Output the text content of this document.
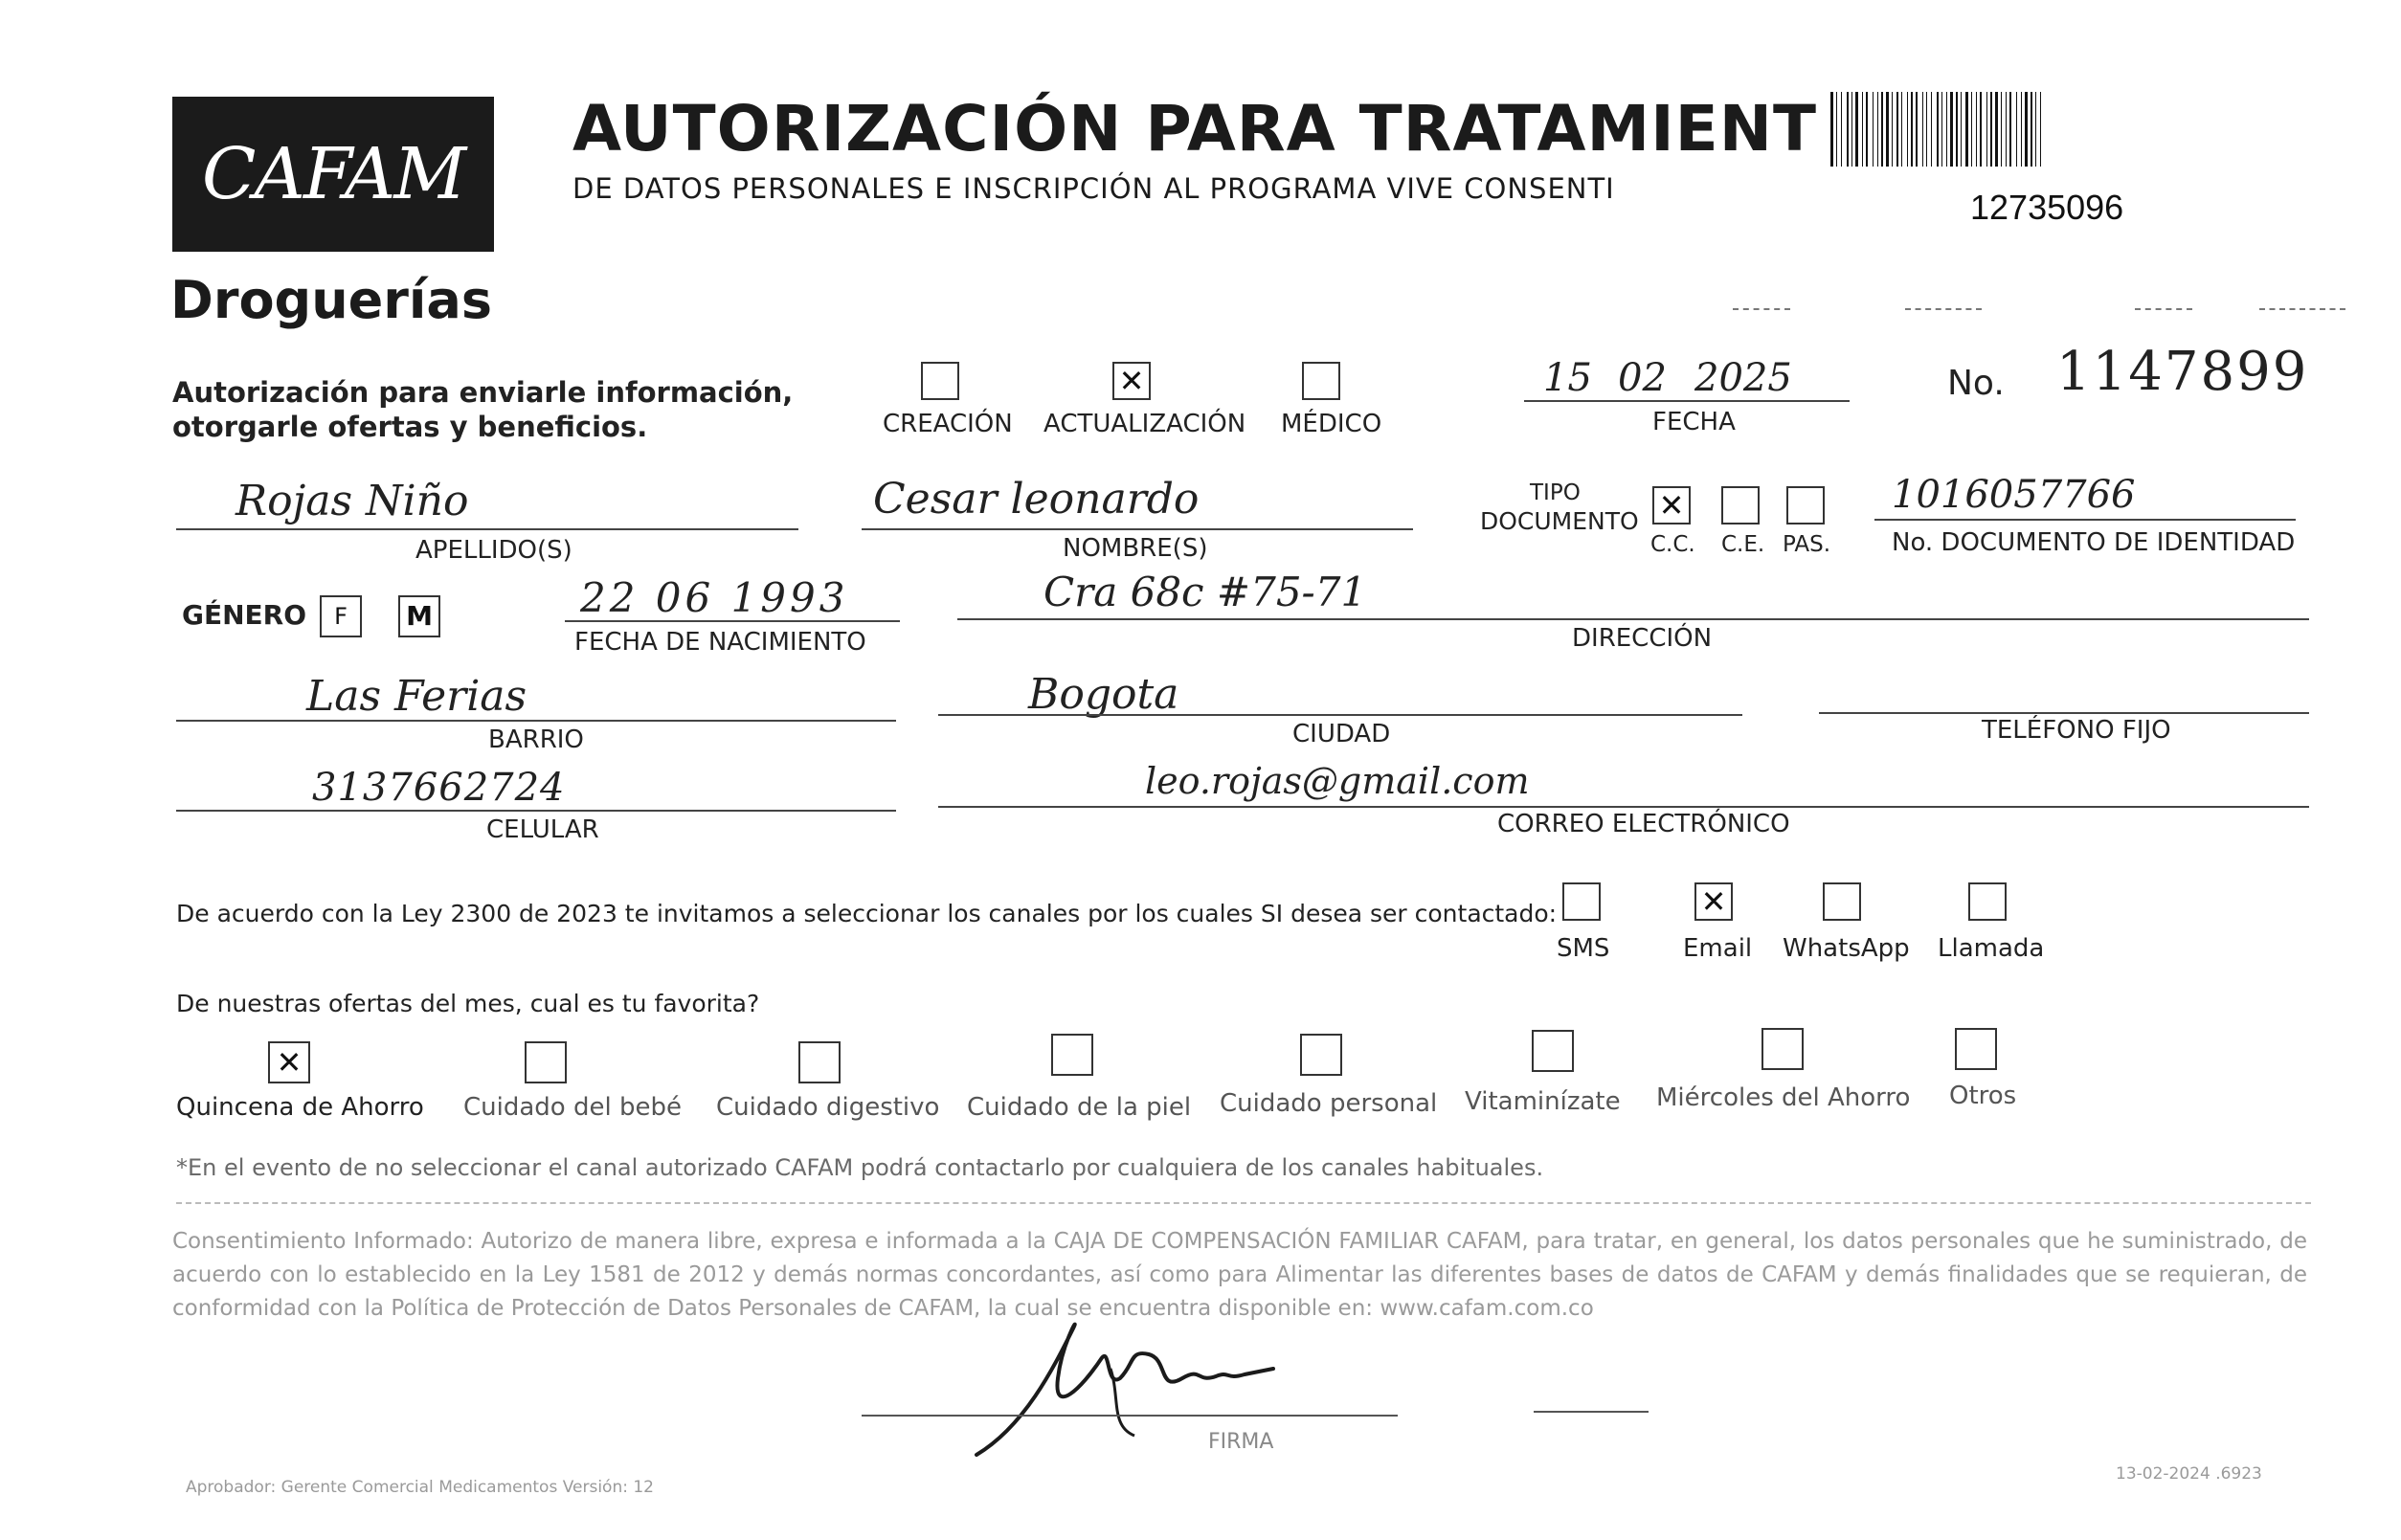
CAFAM
Droguerías
AUTORIZACIÓN PARA TRATAMIENT
DE DATOS PERSONALES E INSCRIPCIÓN AL PROGRAMA VIVE CONSENTI	12735096
Autorización para enviarle información,
otorgarle ofertas y beneficios.	CREACIÓN
✕
ACTUALIZACIÓN MÉDICO
15 02 2025
FECHA
No. 1147899
Rojas Niño
APELLIDO(S)
Cesar leonardo
NOMBRE(S)
TIPO
DOCUMENTO ✕
C.C. C.E. PAS.
1016057766
No. DOCUMENTO DE IDENTIDAD
GÉNERO F M	22 06 1993
FECHA DE NACIMIENTO
Cra 68c #75-71
DIRECCIÓN
Las Ferias
BARRIO
Bogota
CIUDAD	TELÉFONO FIJO
3137662724
CELULAR
leo.rojas@gmail.com
CORREO ELECTRÓNICO
De acuerdo con la Ley 2300 de 2023 te invitamos a seleccionar los canales por los cuales SI desea ser contactado:
SMS
✕
Email WhatsApp Llamada
De nuestras ofertas del mes, cual es tu favorita?
✕
Quincena de Ahorro Cuidado del bebé Cuidado digestivo Cuidado de la piel Cuidado personal Vitaminízate Miércoles del Ahorro Otros
*En el evento de no seleccionar el canal autorizado CAFAM podrá contactarlo por cualquiera de los canales habituales.
Consentimiento Informado: Autorizo de manera libre, expresa e informada a la CAJA DE COMPENSACIÓN FAMILIAR CAFAM, para tratar, en general, los datos personales que he suministrado, de acuerdo con lo establecido en la Ley 1581 de 2012 y demás normas concordantes, así como para Alimentar las diferentes bases de datos de CAFAM y demás finalidades que se requieran, de conformidad con la Política de Protección de Datos Personales de CAFAM, la cual se encuentra disponible en: www.cafam.com.co
FIRMA
Aprobador: Gerente Comercial Medicamentos Versión: 12
13-02-2024 .6923
